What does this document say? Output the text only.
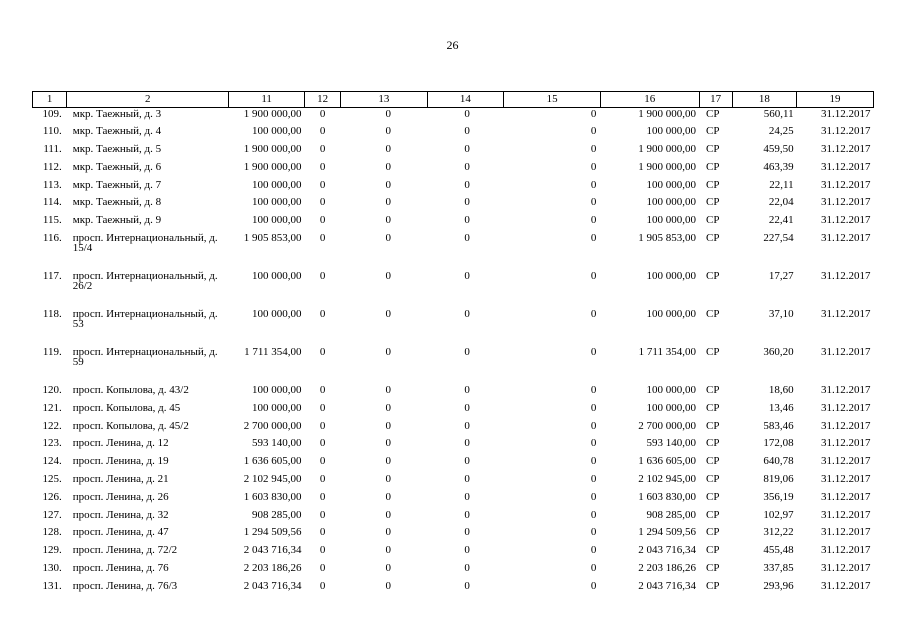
26
1	2	11	12	13	14	15	16	17	18	19
109.	мкр. Таежный, д. 3	1 900 000,00	0	0	0	0	1 900 000,00	СР	560,11	31.12.2017
110.	мкр. Таежный, д. 4	100 000,00	0	0	0	0	100 000,00	СР	24,25	31.12.2017
111.	мкр. Таежный, д. 5	1 900 000,00	0	0	0	0	1 900 000,00	СР	459,50	31.12.2017
112.	мкр. Таежный, д. 6	1 900 000,00	0	0	0	0	1 900 000,00	СР	463,39	31.12.2017
113.	мкр. Таежный, д. 7	100 000,00	0	0	0	0	100 000,00	СР	22,11	31.12.2017
114.	мкр. Таежный, д. 8	100 000,00	0	0	0	0	100 000,00	СР	22,04	31.12.2017
115.	мкр. Таежный, д. 9	100 000,00	0	0	0	0	100 000,00	СР	22,41	31.12.2017
116.	просп. Интернациональный, д. 15/4	1 905 853,00	0	0	0	0	1 905 853,00	СР	227,54	31.12.2017
117.	просп. Интернациональный, д. 26/2	100 000,00	0	0	0	0	100 000,00	СР	17,27	31.12.2017
118.	просп. Интернациональный, д. 53	100 000,00	0	0	0	0	100 000,00	СР	37,10	31.12.2017
119.	просп. Интернациональный, д. 59	1 711 354,00	0	0	0	0	1 711 354,00	СР	360,20	31.12.2017
120.	просп. Копылова, д. 43/2	100 000,00	0	0	0	0	100 000,00	СР	18,60	31.12.2017
121.	просп. Копылова, д. 45	100 000,00	0	0	0	0	100 000,00	СР	13,46	31.12.2017
122.	просп. Копылова, д. 45/2	2 700 000,00	0	0	0	0	2 700 000,00	СР	583,46	31.12.2017
123.	просп. Ленина, д. 12	593 140,00	0	0	0	0	593 140,00	СР	172,08	31.12.2017
124.	просп. Ленина, д. 19	1 636 605,00	0	0	0	0	1 636 605,00	СР	640,78	31.12.2017
125.	просп. Ленина, д. 21	2 102 945,00	0	0	0	0	2 102 945,00	СР	819,06	31.12.2017
126.	просп. Ленина, д. 26	1 603 830,00	0	0	0	0	1 603 830,00	СР	356,19	31.12.2017
127.	просп. Ленина, д. 32	908 285,00	0	0	0	0	908 285,00	СР	102,97	31.12.2017
128.	просп. Ленина, д. 47	1 294 509,56	0	0	0	0	1 294 509,56	СР	312,22	31.12.2017
129.	просп. Ленина, д. 72/2	2 043 716,34	0	0	0	0	2 043 716,34	СР	455,48	31.12.2017
130.	просп. Ленина, д. 76	2 203 186,26	0	0	0	0	2 203 186,26	СР	337,85	31.12.2017
131.	просп. Ленина, д. 76/3	2 043 716,34	0	0	0	0	2 043 716,34	СР	293,96	31.12.2017
